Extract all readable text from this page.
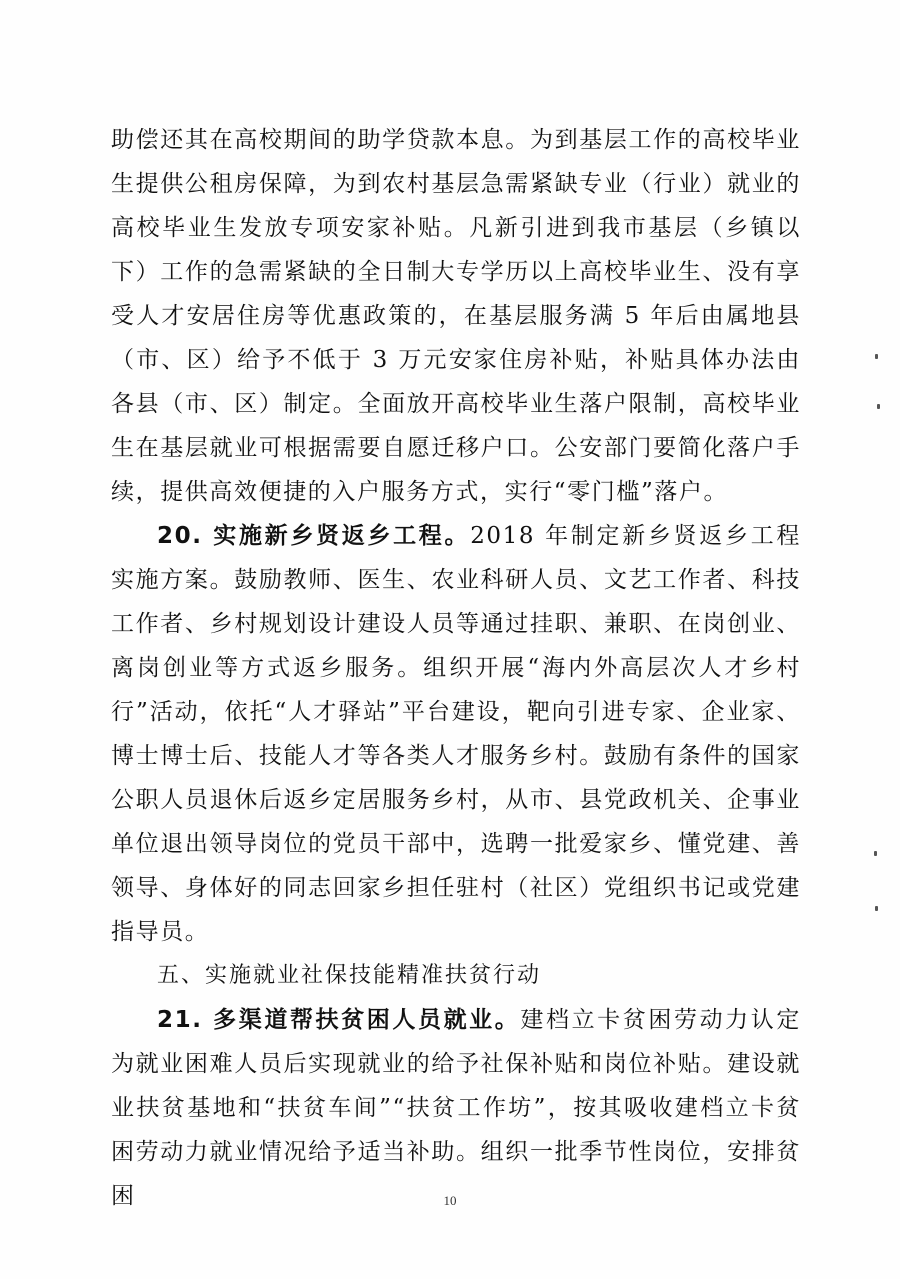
助偿还其在高校期间的助学贷款本息。为到基层工作的高校毕业生提供公租房保障，为到农村基层急需紧缺专业（行业）就业的高校毕业生发放专项安家补贴。凡新引进到我市基层（乡镇以下）工作的急需紧缺的全日制大专学历以上高校毕业生、没有享受人才安居住房等优惠政策的，在基层服务满 5 年后由属地县（市、区）给予不低于 3 万元安家住房补贴，补贴具体办法由各县（市、区）制定。全面放开高校毕业生落户限制，高校毕业生在基层就业可根据需要自愿迁移户口。公安部门要简化落户手续，提供高效便捷的入户服务方式，实行“零门槛”落户。

20. 实施新乡贤返乡工程。2018 年制定新乡贤返乡工程实施方案。鼓励教师、医生、农业科研人员、文艺工作者、科技工作者、乡村规划设计建设人员等通过挂职、兼职、在岗创业、离岗创业等方式返乡服务。组织开展“海内外高层次人才乡村行”活动，依托“人才驿站”平台建设，靶向引进专家、企业家、博士博士后、技能人才等各类人才服务乡村。鼓励有条件的国家公职人员退休后返乡定居服务乡村，从市、县党政机关、企事业单位退出领导岗位的党员干部中，选聘一批爱家乡、懂党建、善领导、身体好的同志回家乡担任驻村（社区）党组织书记或党建指导员。

五、实施就业社保技能精准扶贫行动

21. 多渠道帮扶贫困人员就业。建档立卡贫困劳动力认定为就业困难人员后实现就业的给予社保补贴和岗位补贴。建设就业扶贫基地和“扶贫车间”“扶贫工作坊”，按其吸收建档立卡贫困劳动力就业情况给予适当补助。组织一批季节性岗位，安排贫困	10
